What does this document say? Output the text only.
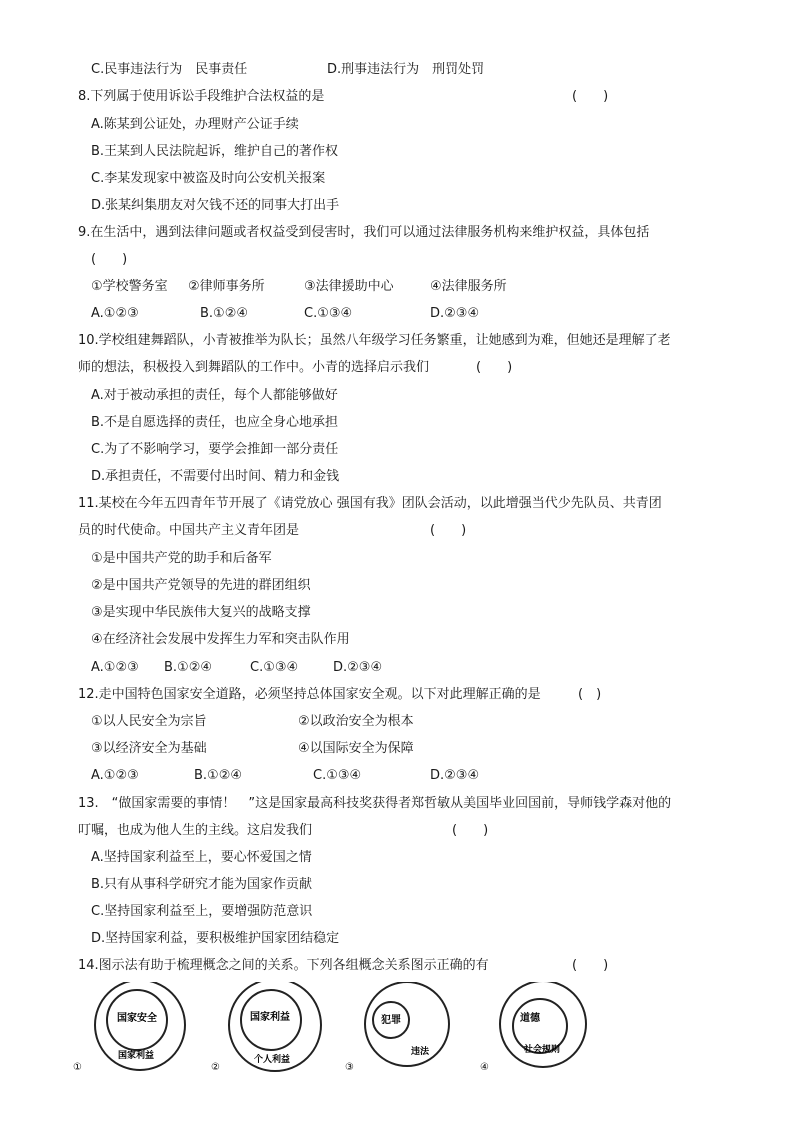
C.民事违法行为　民事责任	D.刑事违法行为　刑罚处罚
8.下列属于使用诉讼手段维护合法权益的是	(　　)
A.陈某到公证处，办理财产公证手续
B.王某到人民法院起诉，维护自己的著作权
C.李某发现家中被盗及时向公安机关报案
D.张某纠集朋友对欠钱不还的同事大打出手
9.在生活中，遇到法律问题或者权益受到侵害时，我们可以通过法律服务机构来维护权益，具体包括
(　　)
①学校警务室 ②律师事务所	③法律援助中心	④法律服务所
A.①②③	B.①②④	C.①③④	D.②③④
10.学校组建舞蹈队，小青被推举为队长；虽然八年级学习任务繁重，让她感到为难，但她还是理解了老
师的想法，积极投入到舞蹈队的工作中。小青的选择启示我们	(　　)
A.对于被动承担的责任，每个人都能够做好
B.不是自愿选择的责任，也应全身心地承担
C.为了不影响学习，要学会推卸一部分责任
D.承担责任，不需要付出时间、精力和金钱
11.某校在今年五四青年节开展了《请党放心 强国有我》团队会活动，以此增强当代少先队员、共青团
员的时代使命。中国共产主义青年团是	(　　)
①是中国共产党的助手和后备军
②是中国共产党领导的先进的群团组织
③是实现中华民族伟大复兴的战略支撑
④在经济社会发展中发挥生力军和突击队作用
A.①②③ B.①②④	C.①③④	D.②③④
12.走中国特色国家安全道路，必须坚持总体国家安全观。以下对此理解正确的是	(　)
①以人民安全为宗旨	②以政治安全为根本
③以经济安全为基础	④以国际安全为保障
A.①②③	B.①②④	C.①③④	D.②③④
13.　“做国家需要的事情！　”这是国家最高科技奖获得者郑哲敏从美国毕业回国前，导师钱学森对他的
叮嘱，也成为他人生的主线。这启发我们	(　　)
A.坚持国家利益至上，要心怀爱国之情
B.只有从事科学研究才能为国家作贡献
C.坚持国家利益至上，要增强防范意识
D.坚持国家利益，要积极维护国家团结稳定
14.图示法有助于梳理概念之间的关系。下列各组概念关系图示正确的有	(　　)
国家安全
国家利益
①
国家利益
个人利益
②
犯罪
违法
③
道德
社会规则
④
